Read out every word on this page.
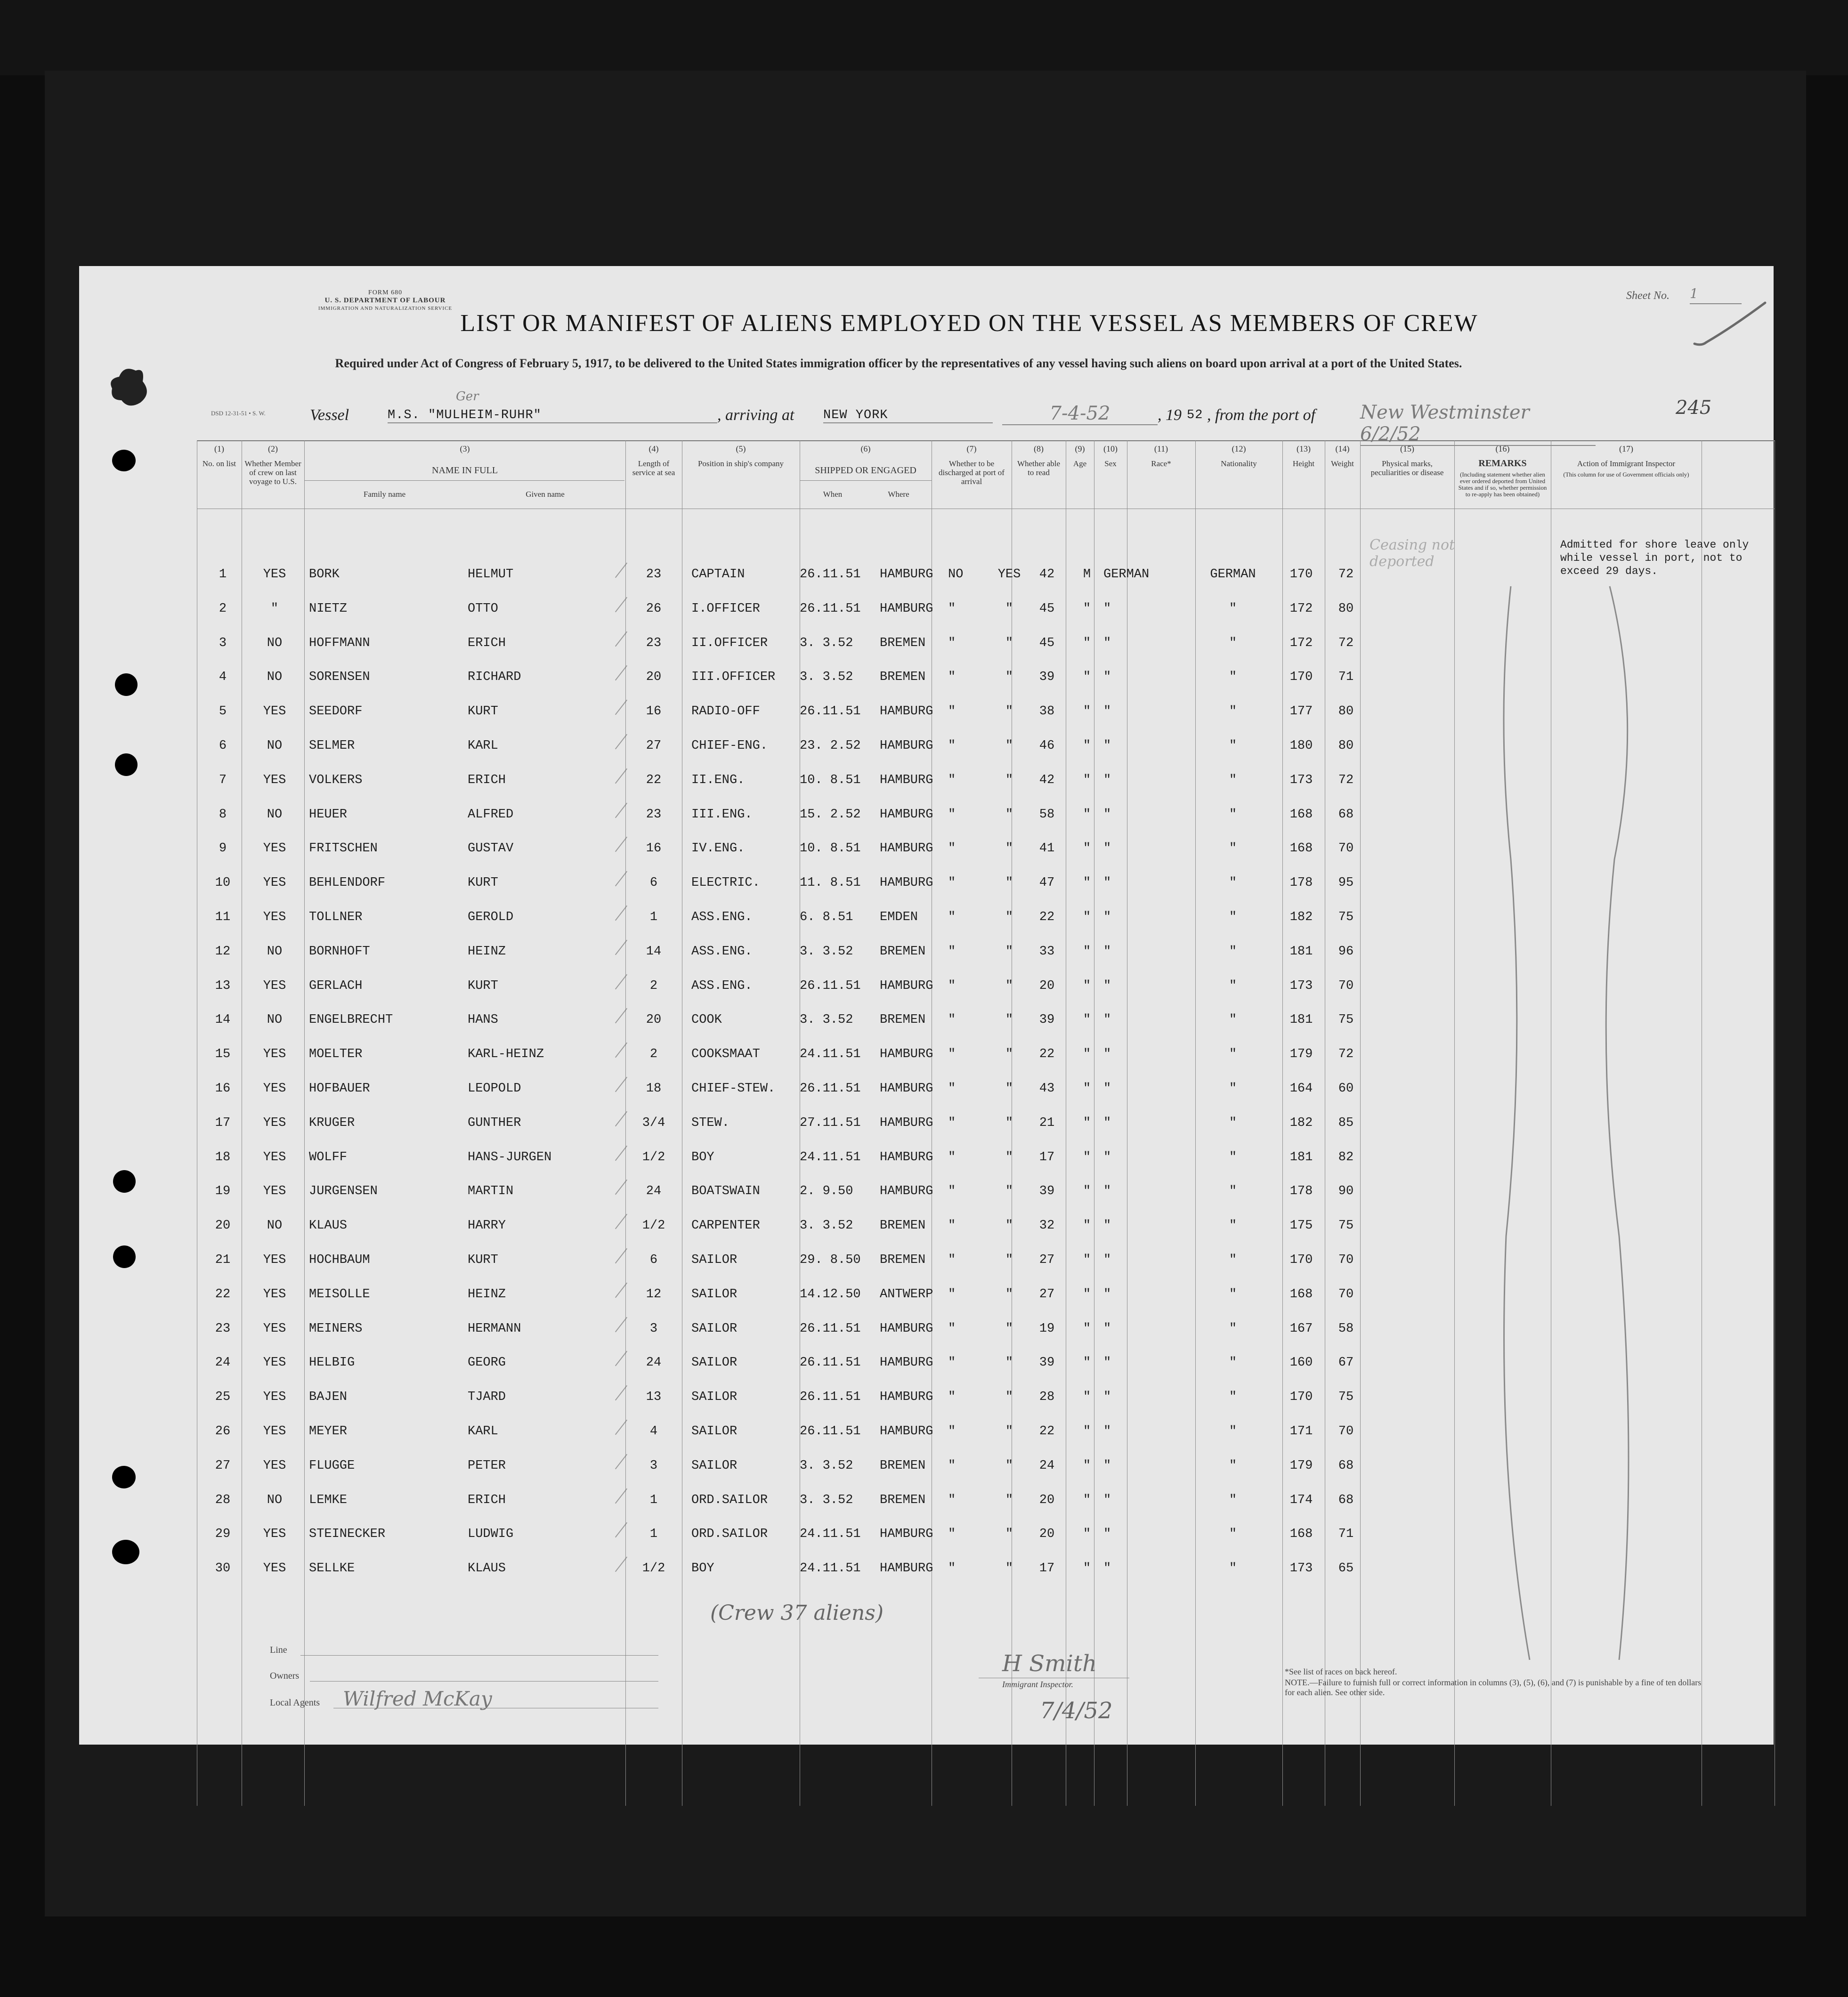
FORM 680
U. S. DEPARTMENT OF LABOUR
IMMIGRATION AND NATURALIZATION SERVICE
Sheet No. 1
LIST OR MANIFEST OF ALIENS EMPLOYED ON THE VESSEL AS MEMBERS OF CREW
Required under Act of Congress of February 5, 1917, to be delivered to the United States immigration officer by the representatives of any vessel having such aliens on board upon arrival at a port of the United States.
DSD 12-31-51 • S. W.	Vessel	M.S. "MULHEIM-RUHR"
Ger
, arriving at NEW YORK	7-4-52	, 19 52 , from the port of New Westminster 6/2/52
245
(1)
No. on list
(2)
Whether Member of crew on last voyage to U.S.
(3)
NAME IN FULL
Family name	Given name
(4)
Length of service at sea
(5)
Position in ship's company
(6)
SHIPPED OR ENGAGED
When	Where
(7)
Whether to be discharged at port of arrival
(8)
Whether able to read
(9)
Age
(10)
Sex
(11)
Race*
(12)
Nationality
(13)
Height
(14)
Weight
(15)
Physical marks, peculiarities or disease
(16)
REMARKS
(Including statement whether alien ever ordered deported from United States and if so, whether permission to re-apply has been obtained)
(17)
Action of Immigrant Inspector
(This column for use of Government officials only)
1	YES	BORK	HELMUT	23	CAPTAIN	26.11.51 HAMBURG NO	YES	42	M GERMAN	GERMAN	170	72
2	"	NIETZ	OTTO	26	I.OFFICER	26.11.51 HAMBURG "	"	45	" "	"	172	80
3	NO	HOFFMANN	ERICH	23	II.OFFICER	3. 3.52 BREMEN "	"	45	" "	"	172	72
4	NO	SORENSEN	RICHARD	20	III.OFFICER 3. 3.52 BREMEN "	"	39	" "	"	170	71
5	YES	SEEDORF	KURT	16	RADIO-OFF	26.11.51 HAMBURG "	"	38	" "	"	177	80
6	NO	SELMER	KARL	27	CHIEF-ENG.	23. 2.52 HAMBURG "	"	46	" "	"	180	80
7	YES	VOLKERS	ERICH	22	II.ENG.	10. 8.51 HAMBURG "	"	42	" "	"	173	72
8	NO	HEUER	ALFRED	23	III.ENG.	15. 2.52 HAMBURG "	"	58	" "	"	168	68
9	YES	FRITSCHEN	GUSTAV	16	IV.ENG.	10. 8.51 HAMBURG "	"	41	" "	"	168	70
10	YES	BEHLENDORF	KURT	6	ELECTRIC.	11. 8.51 HAMBURG "	"	47	" "	"	178	95
11	YES	TOLLNER	GEROLD	1	ASS.ENG.	6. 8.51 EMDEN "	"	22	" "	"	182	75
12	NO	BORNHOFT	HEINZ	14	ASS.ENG.	3. 3.52 BREMEN "	"	33	" "	"	181	96
13	YES	GERLACH	KURT	2	ASS.ENG.	26.11.51 HAMBURG "	"	20	" "	"	173	70
14	NO	ENGELBRECHT	HANS	20	COOK	3. 3.52 BREMEN "	"	39	" "	"	181	75
15	YES	MOELTER	KARL-HEINZ	2	COOKSMAAT	24.11.51 HAMBURG "	"	22	" "	"	179	72
16	YES	HOFBAUER	LEOPOLD	18	CHIEF-STEW. 26.11.51 HAMBURG "	"	43	" "	"	164	60
17	YES	KRUGER	GUNTHER	3/4	STEW.	27.11.51 HAMBURG "	"	21	" "	"	182	85
18	YES	WOLFF	HANS-JURGEN	1/2	BOY	24.11.51 HAMBURG "	"	17	" "	"	181	82
19	YES	JURGENSEN	MARTIN	24	BOATSWAIN	2. 9.50 HAMBURG "	"	39	" "	"	178	90
20	NO	KLAUS	HARRY	1/2	CARPENTER	3. 3.52 BREMEN "	"	32	" "	"	175	75
21	YES	HOCHBAUM	KURT	6	SAILOR	29. 8.50 BREMEN "	"	27	" "	"	170	70
22	YES	MEISOLLE	HEINZ	12	SAILOR	14.12.50 ANTWERP "	"	27	" "	"	168	70
23	YES	MEINERS	HERMANN	3	SAILOR	26.11.51 HAMBURG "	"	19	" "	"	167	58
24	YES	HELBIG	GEORG	24	SAILOR	26.11.51 HAMBURG "	"	39	" "	"	160	67
25	YES	BAJEN	TJARD	13	SAILOR	26.11.51 HAMBURG "	"	28	" "	"	170	75
26	YES	MEYER	KARL	4	SAILOR	26.11.51 HAMBURG "	"	22	" "	"	171	70
27	YES	FLUGGE	PETER	3	SAILOR	3. 3.52 BREMEN "	"	24	" "	"	179	68
28	NO	LEMKE	ERICH	1	ORD.SAILOR	3. 3.52 BREMEN "	"	20	" "	"	174	68
29	YES	STEINECKER	LUDWIG	1	ORD.SAILOR	24.11.51 HAMBURG "	"	20	" "	"	168	71
30	YES	SELLKE	KLAUS	1/2	BOY	24.11.51 HAMBURG "	"	17	" "	"	173	65
Admitted for shore leave only while vessel in port, not to exceed 29 days.
Ceasing not deported
(Crew 37 aliens)
Line
Owners
Local Agents Wilfred McKay
H Smith
Immigrant Inspector.
7/4/52
*See list of races on back hereof.
NOTE.—Failure to furnish full or correct information in columns (3), (5), (6), and (7) is punishable by a fine of ten dollars for each alien. See other side.
